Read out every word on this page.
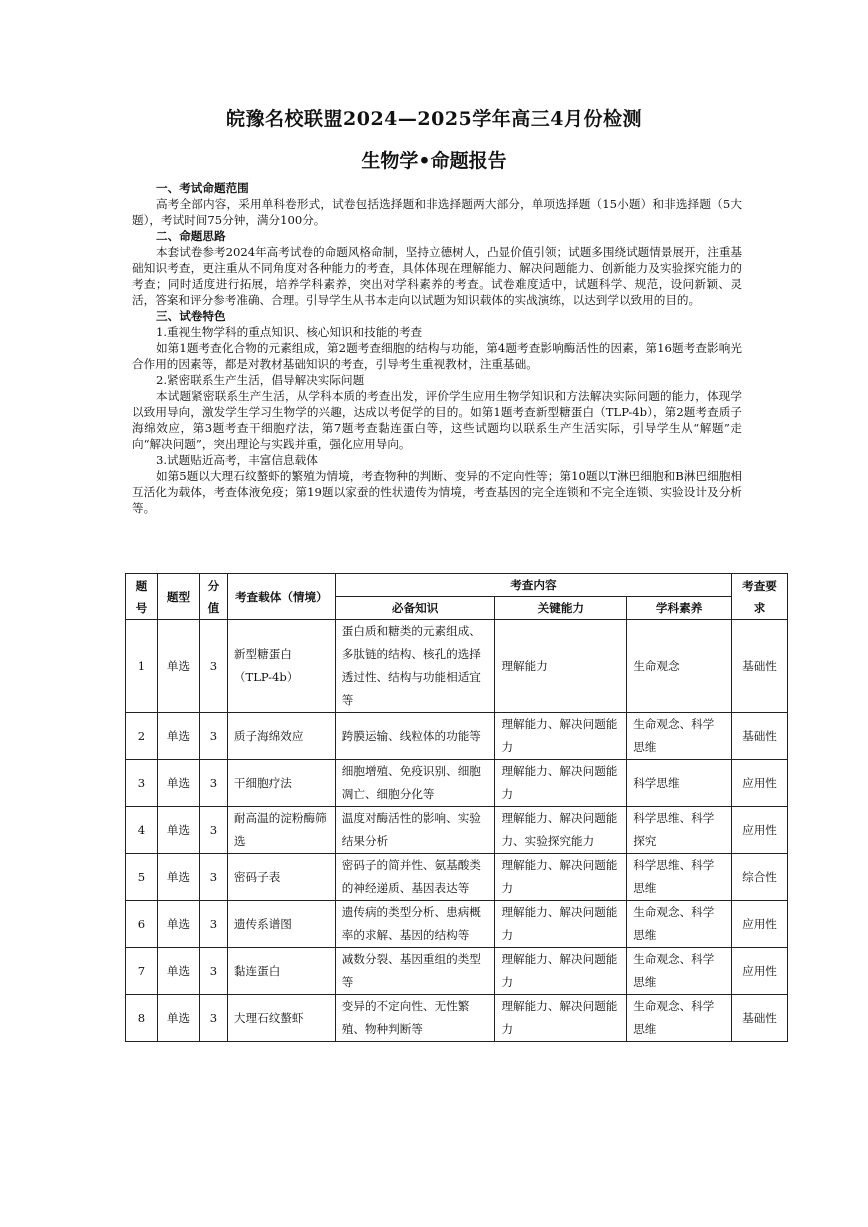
皖豫名校联盟2024—2025学年高三4月份检测
生物学•命题报告

一、考试命题范围

高考全部内容，采用单科卷形式，试卷包括选择题和非选择题两大部分，单项选择题（15小题）和非选择题（5大题），考试时间75分钟，满分100分。

二、命题思路

本套试卷参考2024年高考试卷的命题风格命制，坚持立德树人，凸显价值引领；试题多围绕试题情景展开，注重基础知识考查，更注重从不同角度对各种能力的考查，具体体现在理解能力、解决问题能力、创新能力及实验探究能力的考查；同时适度进行拓展，培养学科素养，突出对学科素养的考查。试卷难度适中，试题科学、规范，设问新颖、灵活，答案和评分参考准确、合理。引导学生从书本走向以试题为知识载体的实战演练，以达到学以致用的目的。

三、试卷特色

1.重视生物学科的重点知识、核心知识和技能的考查

如第1题考查化合物的元素组成，第2题考查细胞的结构与功能，第4题考查影响酶活性的因素，第16题考查影响光合作用的因素等，都是对教材基础知识的考查，引导考生重视教材，注重基础。

2.紧密联系生产生活，倡导解决实际问题

本试题紧密联系生产生活，从学科本质的考查出发，评价学生应用生物学知识和方法解决实际问题的能力，体现学以致用导向，激发学生学习生物学的兴趣，达成以考促学的目的。如第1题考查新型糖蛋白（TLP-4b），第2题考查质子海绵效应，第3题考查干细胞疗法，第7题考查黏连蛋白等，这些试题均以联系生产生活实际，引导学生从“解题”走向“解决问题”，突出理论与实践并重，强化应用导向。

3.试题贴近高考，丰富信息载体

如第5题以大理石纹螯虾的繁殖为情境，考查物种的判断、变异的不定向性等；第10题以T淋巴细胞和B淋巴细胞相互活化为载体，考查体液免疫；第19题以家蚕的性状遗传为情境，考查基因的完全连锁和不完全连锁、实验设计及分析等。

题号	题型	分值	考查载体（情境）	考查内容			考查要求
				必备知识	关键能力	学科素养	
1	单选	3	新型糖蛋白（TLP-4b）	蛋白质和糖类的元素组成、多肽链的结构、核孔的选择透过性、结构与功能相适宜等	理解能力	生命观念	基础性
2	单选	3	质子海绵效应	跨膜运输、线粒体的功能等	理解能力、解决问题能力	生命观念、科学思维	基础性
3	单选	3	干细胞疗法	细胞增殖、免疫识别、细胞凋亡、细胞分化等	理解能力、解决问题能力	科学思维	应用性
4	单选	3	耐高温的淀粉酶筛选	温度对酶活性的影响、实验结果分析	理解能力、解决问题能力、实验探究能力	科学思维、科学探究	应用性
5	单选	3	密码子表	密码子的简并性、氨基酸类的神经递质、基因表达等	理解能力、解决问题能力	科学思维、科学思维	综合性
6	单选	3	遗传系谱图	遗传病的类型分析、患病概率的求解、基因的结构等	理解能力、解决问题能力	生命观念、科学思维	应用性
7	单选	3	黏连蛋白	减数分裂、基因重组的类型等	理解能力、解决问题能力	生命观念、科学思维	应用性
8	单选	3	大理石纹螯虾	变异的不定向性、无性繁殖、物种判断等	理解能力、解决问题能力	生命观念、科学思维	基础性
